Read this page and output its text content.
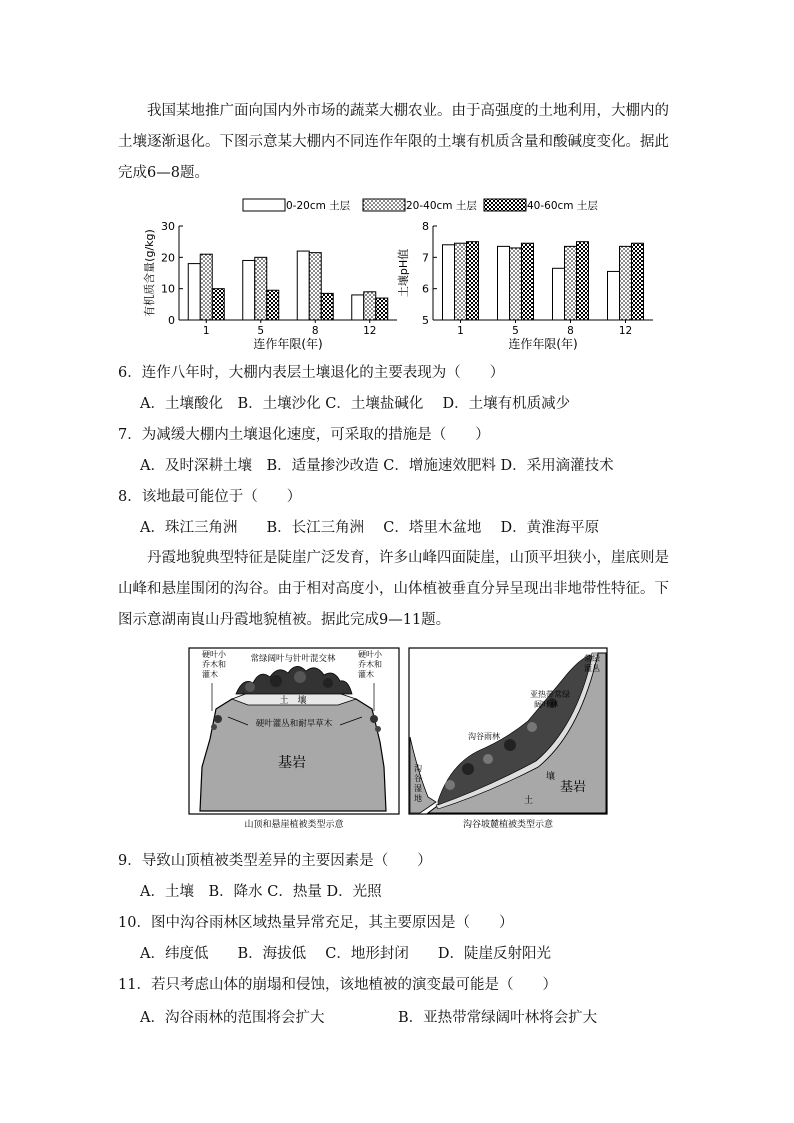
我国某地推广面向国内外市场的蔬菜大棚农业。由于高强度的土地利用，大棚内的土壤逐渐退化。下图示意某大棚内不同连作年限的土壤有机质含量和酸碱度变化。据此完成6—8题。

0-20cm 土层	20-40cm 土层	40-60cm 土层
30
20
10
0
有机质含量(g/kg)
1	5	8	12
连作年限(年)
8
7
6
5
土壤pH值
1	5	8	12
连作年限(年)
6．连作八年时，大棚内表层土壤退化的主要表现为（　　）
A．土壤酸化　B．土壤沙化 C．土壤盐碱化　 D．土壤有机质减少
7．为减缓大棚内土壤退化速度，可采取的措施是（　　）
A．及时深耕土壤　B．适量掺沙改造 C．增施速效肥料 D．采用滴灌技术
8．该地最可能位于（　　）
A．珠江三角洲　　B．长江三角洲　 C．塔里木盆地　 D．黄淮海平原

丹霞地貌典型特征是陡崖广泛发育，许多山峰四面陡崖，山顶平坦狭小，崖底则是山峰和悬崖围闭的沟谷。由于相对高度小，山体植被垂直分异呈现出非地带性特征。下图示意湖南崀山丹霞地貌植被。据此完成9—11题。

常绿阔叶与针叶混交林
硬叶小
乔木和
灌木
硬叶小
乔木和
灌木
土　壤
硬叶灌丛和耐旱草木
基岩
山顶和悬崖植被类型示意
常绿
灌丛
亚热带常绿
阔叶林
沟谷雨林
土
壤
沟
谷
湿
地
基岩
沟谷坡麓植被类型示意
9．导致山顶植被类型差异的主要因素是（　　）
A．土壤　B．降水 C．热量 D．光照
10．图中沟谷雨林区域热量异常充足，其主要原因是（　　）
A．纬度低　　B．海拔低　 C．地形封闭　　D．陡崖反射阳光
11．若只考虑山体的崩塌和侵蚀，该地植被的演变最可能是（　　）
A．沟谷雨林的范围将会扩大	B．亚热带常绿阔叶林将会扩大
